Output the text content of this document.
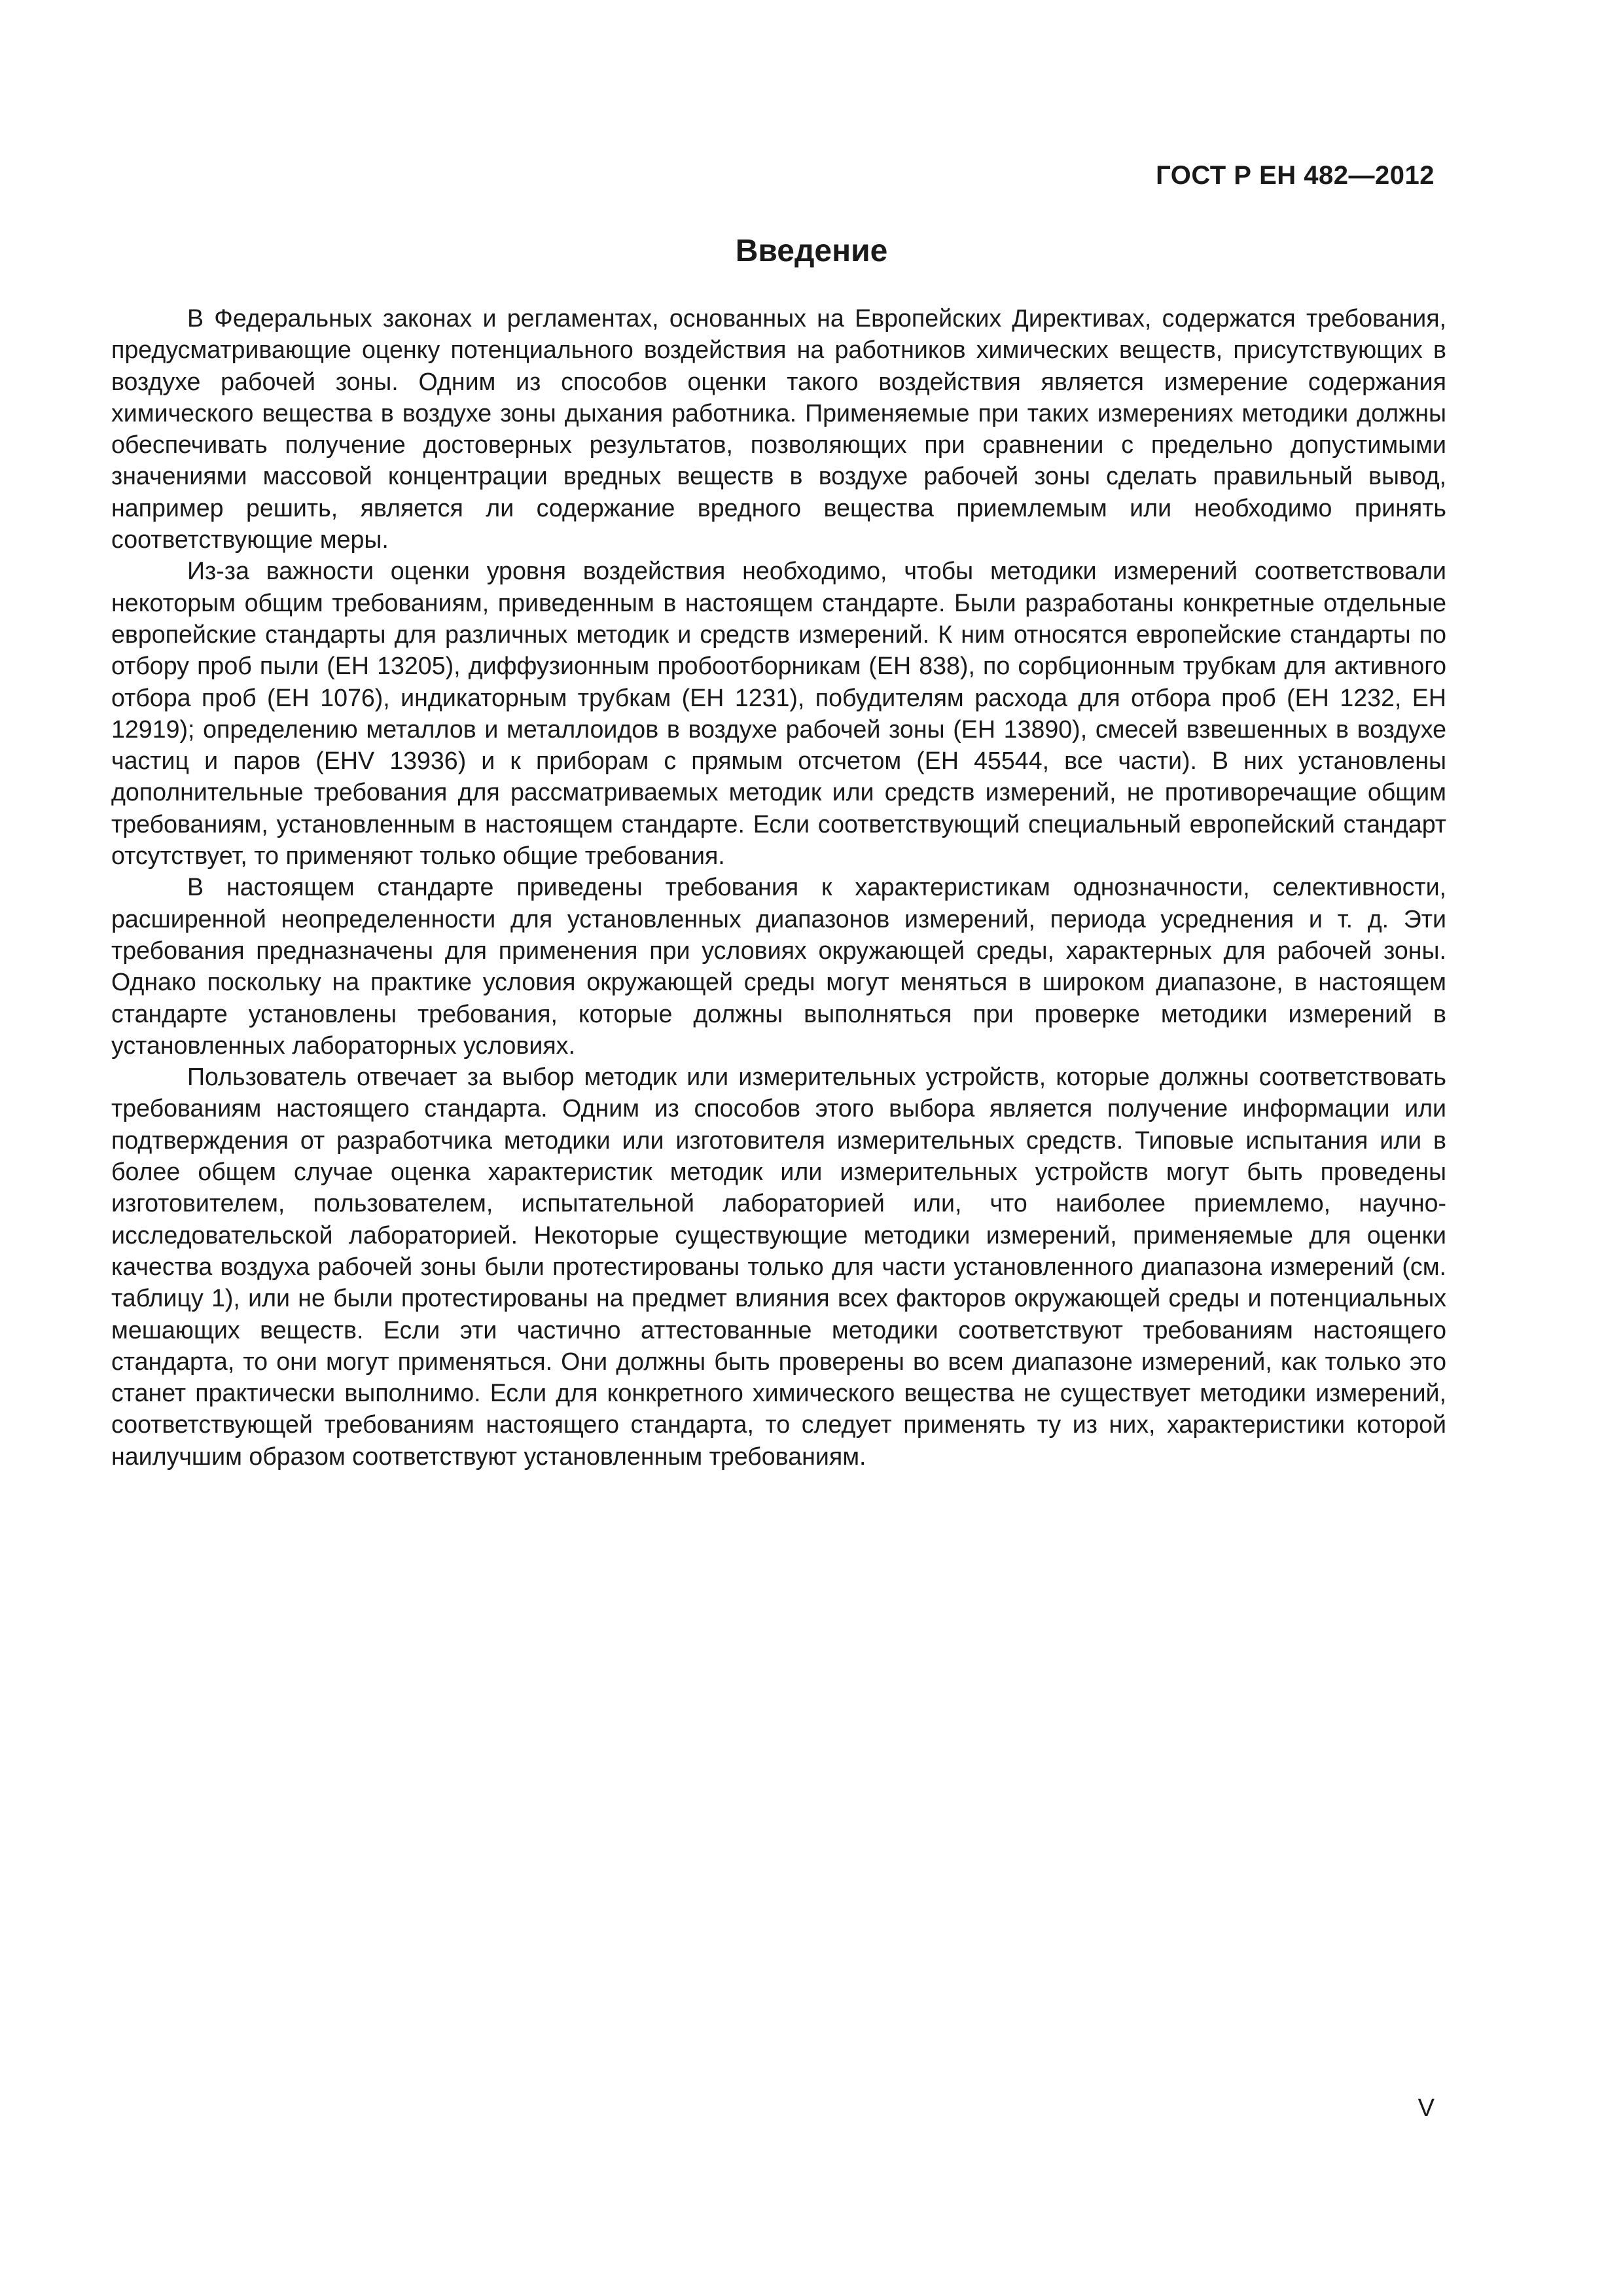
ГОСТ Р ЕН 482—2012
Введение

В Федеральных законах и регламентах, основанных на Европейских Директивах, содержатся требования, предусматривающие оценку потенциального воздействия на работников химических веществ, присутствующих в воздухе рабочей зоны. Одним из способов оценки такого воздействия является измерение содержания химического вещества в воздухе зоны дыхания работника. Применяемые при таких измерениях методики должны обеспечивать получение достоверных результатов, позволяющих при сравнении с предельно допустимыми значениями массовой концентрации вредных веществ в воздухе рабочей зоны сделать правильный вывод, например решить, является ли содержание вредного вещества приемлемым или необходимо принять соответствующие меры.

Из-за важности оценки уровня воздействия необходимо, чтобы методики измерений соответствовали некоторым общим требованиям, приведенным в настоящем стандарте. Были разработаны конкретные отдельные европейские стандарты для различных методик и средств измерений. К ним относятся европейские стандарты по отбору проб пыли (ЕН 13205), диффузионным пробоотборникам (ЕН 838), по сорбционным трубкам для активного отбора проб (ЕН 1076), индикаторным трубкам (ЕН 1231), побудителям расхода для отбора проб (ЕН 1232, ЕН 12919); определению металлов и металлоидов в воздухе рабочей зоны (ЕН 13890), смесей взвешенных в воздухе частиц и паров (ЕНV 13936) и к приборам с прямым отсчетом (ЕН 45544, все части). В них установлены дополнительные требования для рассматриваемых методик или средств измерений, не противоречащие общим требованиям, установленным в настоящем стандарте. Если соответствующий специальный европейский стандарт отсутствует, то применяют только общие требования.

В настоящем стандарте приведены требования к характеристикам однозначности, селективности, расширенной неопределенности для установленных диапазонов измерений, периода усреднения и т. д. Эти требования предназначены для применения при условиях окружающей среды, характерных для рабочей зоны. Однако поскольку на практике условия окружающей среды могут меняться в широком диапазоне, в настоящем стандарте установлены требования, которые должны выполняться при проверке методики измерений в установленных лабораторных условиях.

Пользователь отвечает за выбор методик или измерительных устройств, которые должны соответствовать требованиям настоящего стандарта. Одним из способов этого выбора является получение информации или подтверждения от разработчика методики или изготовителя измерительных средств. Типовые испытания или в более общем случае оценка характеристик методик или измерительных устройств могут быть проведены изготовителем, пользователем, испытательной лабораторией или, что наиболее приемлемо, научно-исследовательской лабораторией. Некоторые существующие методики измерений, применяемые для оценки качества воздуха рабочей зоны были протестированы только для части установленного диапазона измерений (см. таблицу 1), или не были протестированы на предмет влияния всех факторов окружающей среды и потенциальных мешающих веществ. Если эти частично аттестованные методики соответствуют требованиям настоящего стандарта, то они могут применяться. Они должны быть проверены во всем диапазоне измерений, как только это станет практически выполнимо. Если для конкретного химического вещества не существует методики измерений, соответствующей требованиям настоящего стандарта, то следует применять ту из них, характеристики которой наилучшим образом соответствуют установленным требованиям.

V
